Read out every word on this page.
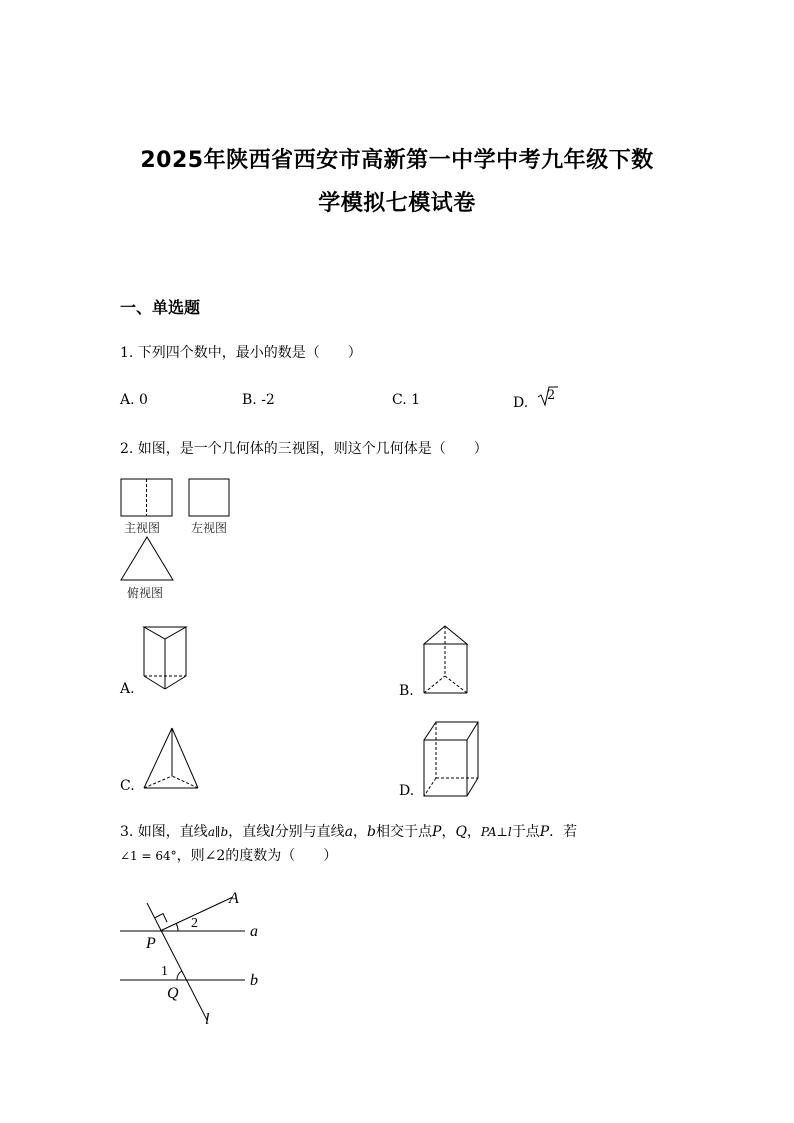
2025年陕西省西安市高新第一中学中考九年级下数
学模拟七模试卷
一、单选题
1. 下列四个数中，最小的数是（　　）
A. 0	B. -2	C. 1	D. 2
2. 如图，是一个几何体的三视图，则这个几何体是（　　）
主视图	左视图
俯视图
A.	B.
C.	D.
3. 如图，直线a∥b，直线l分别与直线a，b相交于点P，Q，PA⊥l于点P．若
∠1 = 64°，则∠2的度数为（　　）
A
a
b
P
Q
l
1
2
